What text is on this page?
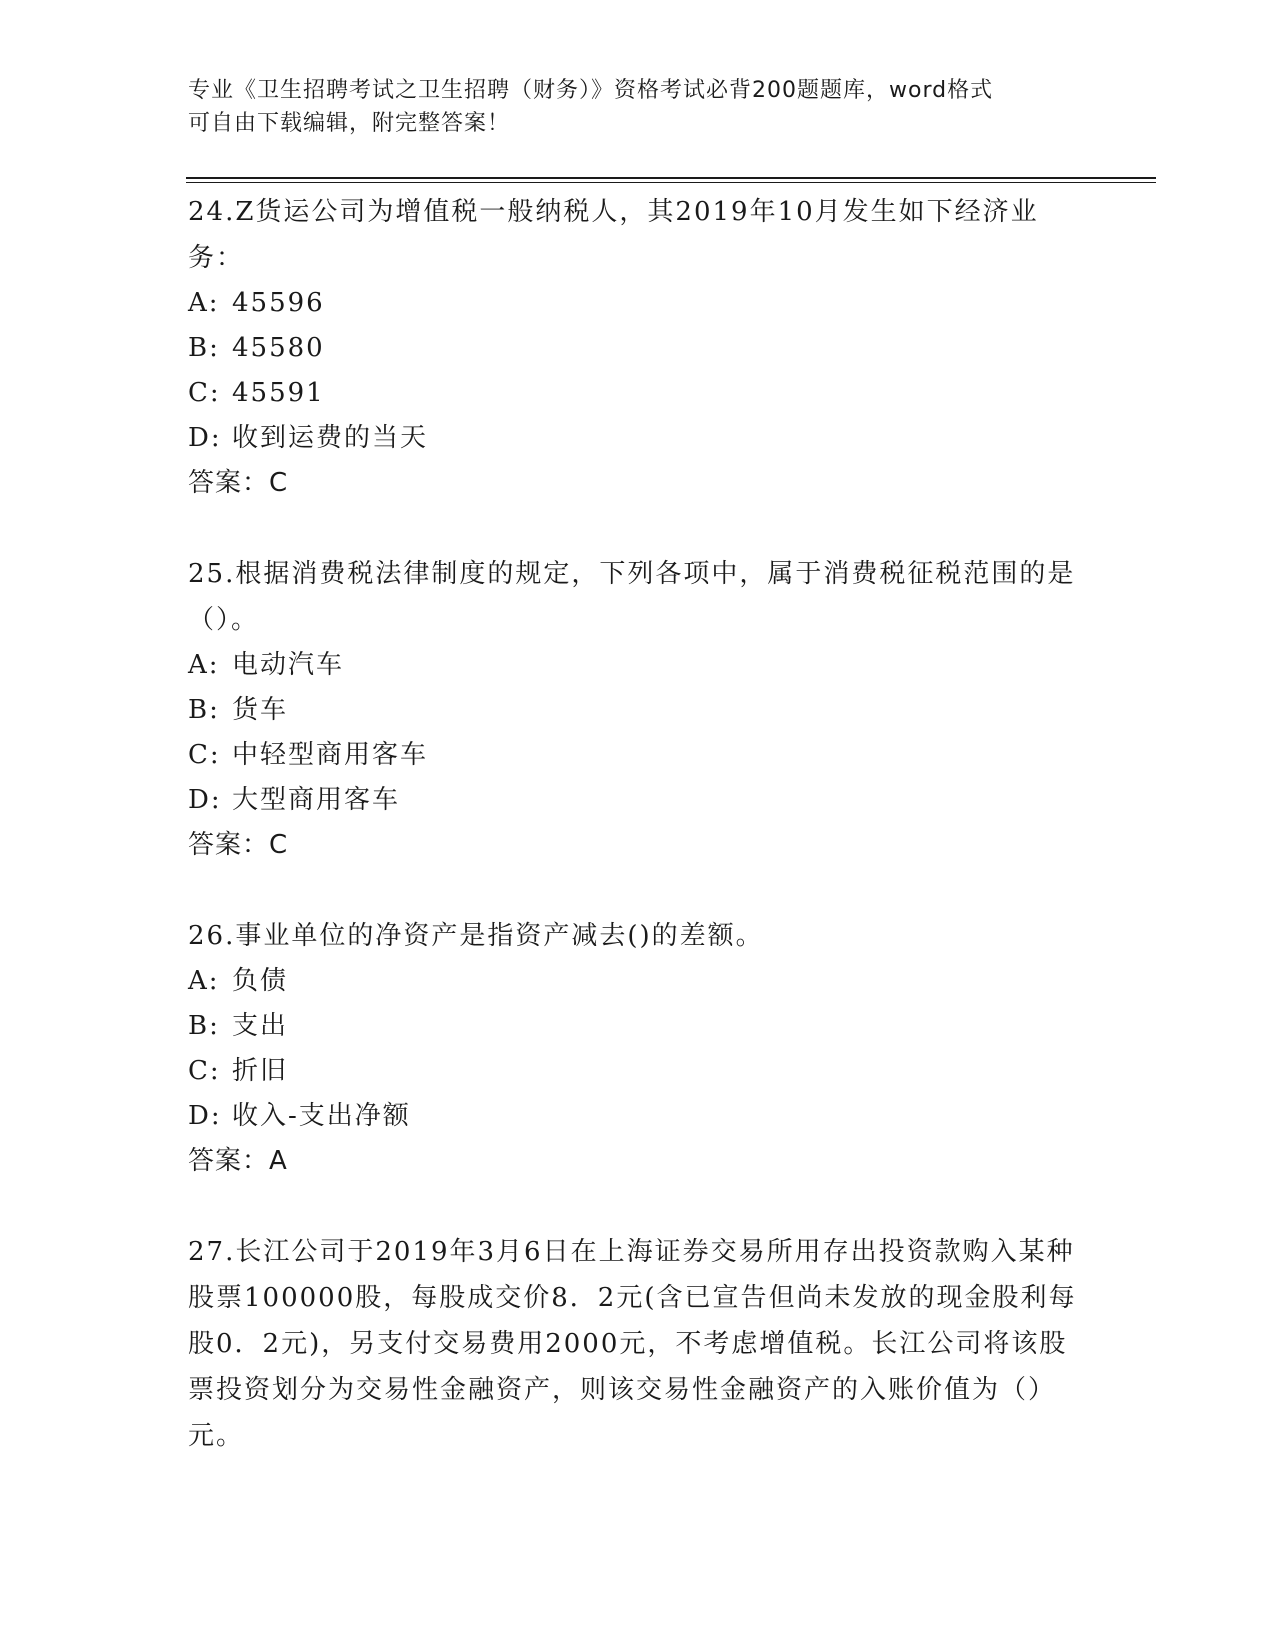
专业《卫生招聘考试之卫生招聘（财务）》资格考试必背200题题库，word格式
可自由下载编辑，附完整答案！

24.Z货运公司为增值税一般纳税人，其2019年10月发生如下经济业务：

A: 45596

B: 45580

C: 45591

D: 收到运费的当天

答案：C

25.根据消费税法律制度的规定，下列各项中，属于消费税征税范围的是（）。

A: 电动汽车

B: 货车

C: 中轻型商用客车

D: 大型商用客车

答案：C

26.事业单位的净资产是指资产减去()的差额。

A: 负债

B: 支出

C: 折旧

D: 收入-支出净额

答案：A

27.长江公司于2019年3月6日在上海证券交易所用存出投资款购入某种股票100000股，每股成交价8．2元(含已宣告但尚未发放的现金股利每股0．2元)，另支付交易费用2000元，不考虑增值税。长江公司将该股票投资划分为交易性金融资产，则该交易性金融资产的入账价值为（）元。
